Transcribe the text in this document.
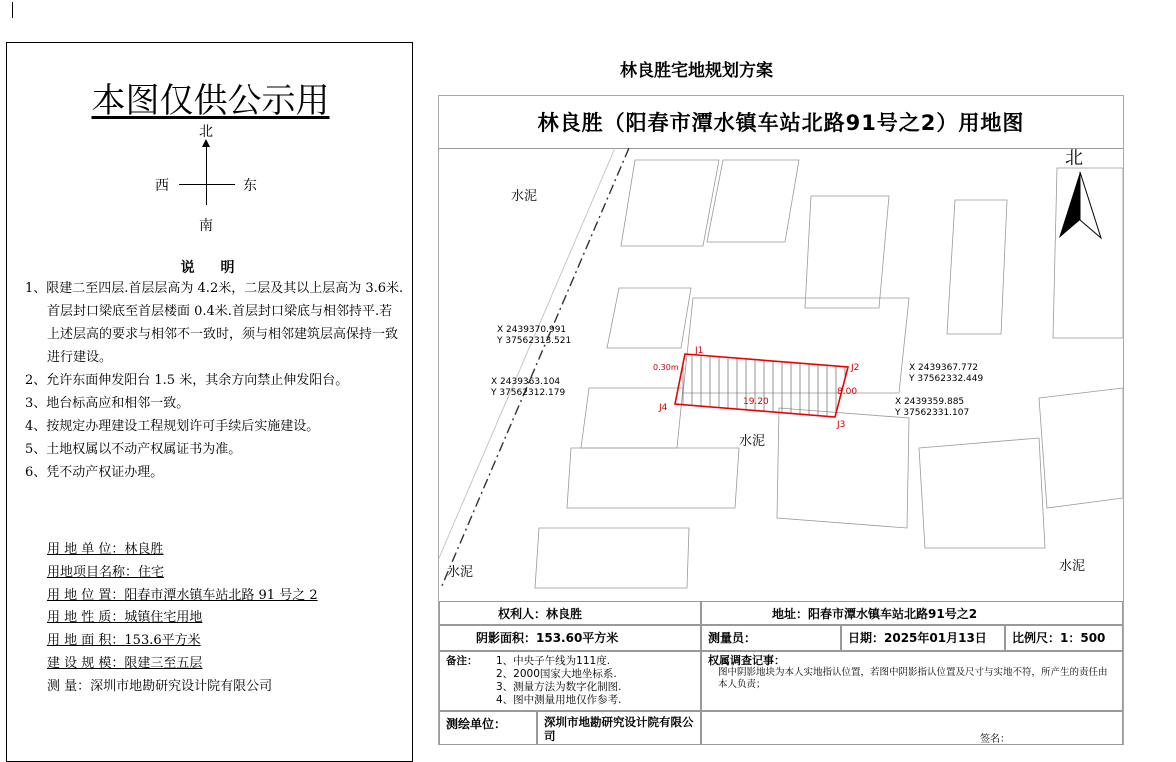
本图仅供公示用
北
南
西	东
说　明
1、限建二至四层.首层层高为 4.2米，二层及其以上层高为 3.6米.首层封口梁底至首层楼面 0.4米.首层封口梁底与相邻持平.若上述层高的要求与相邻不一致时，须与相邻建筑层高保持一致进行建设。
2、允许东面伸发阳台 1.5 米，其余方向禁止伸发阳台。
3、地台标高应和相邻一致。
4、按规定办理建设工程规划许可手续后实施建设。
5、土地权属以不动产权属证书为准。
6、凭不动产权证办理。
用 地 单 位：林良胜
用地项目名称：住宅
用 地 位 置：阳春市潭水镇车站北路 91 号之 2
用 地 性 质：城镇住宅用地
用 地 面 积：153.6平方米
建 设 规 模：限建三至五层
测 量：深圳市地勘研究设计院有限公司
林良胜宅地规划方案
林良胜（阳春市潭水镇车站北路91号之2）用地图
水泥
水泥
水泥	水泥
J1
J2
J3
J4
19.20
8.00
0.30m
X 2439370.991 Y 37562313.521
X 2439363.104 Y 37562312.179
X 2439367.772 Y 37562332.449
X 2439359.885 Y 37562331.107
北
权利人：林良胜	地址：阳春市潭水镇车站北路91号之2
阴影面积：153.60平方米	测量员：	日期：2025年01月13日	比例尺：1：500
备注： 1、中央子午线为111度.
2、2000国家大地坐标系.
3、测量方法为数字化制图.
4、图中测量用地仅作参考.
权属调查记事：
图中阴影地块为本人实地指认位置，若图中阴影指认位置及尺寸与实地不符，所产生的责任由本人负责；
测绘单位：	深圳市地勘研究设计院有限公司	签名：
